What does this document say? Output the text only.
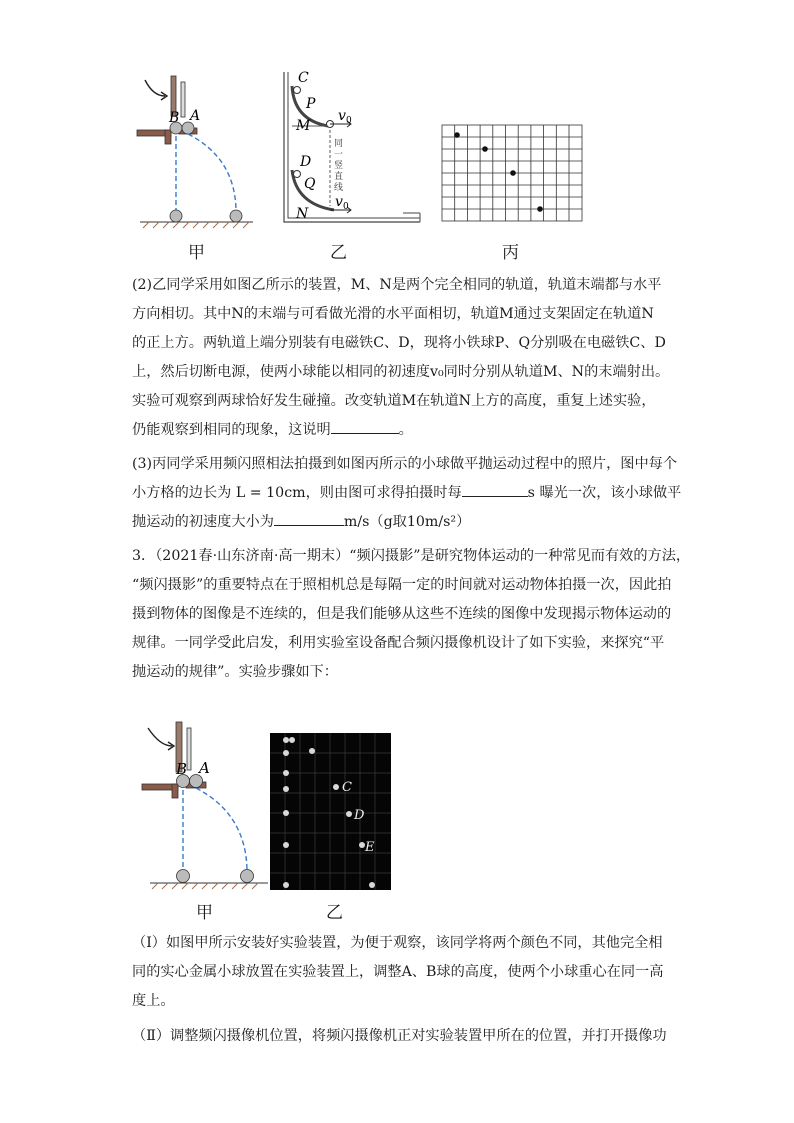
B A
甲
C
P
M
v 0
D
Q
N
v 0
同
一
竖
直
线
乙	丙
(2)乙同学采用如图乙所示的装置，M、N是两个完全相同的轨道，轨道末端都与水平
方向相切。其中N的末端与可看做光滑的水平面相切，轨道M通过支架固定在轨道N
的正上方。两轨道上端分别装有电磁铁C、D，现将小铁球P、Q分别吸在电磁铁C、D
上，然后切断电源，使两小球能以相同的初速度v₀同时分别从轨道M、N的末端射出。
实验可观察到两球恰好发生碰撞。改变轨道M在轨道N上方的高度，重复上述实验，
仍能观察到相同的现象，这说明	。
(3)丙同学采用频闪照相法拍摄到如图丙所示的小球做平抛运动过程中的照片，图中每个
小方格的边长为 L = 10cm，则由图可求得拍摄时每	s 曝光一次，该小球做平
抛运动的初速度大小为	m/s（g取10m/s²）
3．（2021春·山东济南·高一期末）“频闪摄影”是研究物体运动的一种常见而有效的方法，
“频闪摄影”的重要特点在于照相机总是每隔一定的时间就对运动物体拍摄一次，因此拍
摄到物体的图像是不连续的，但是我们能够从这些不连续的图像中发现揭示物体运动的
规律。一同学受此启发，利用实验室设备配合频闪摄像机设计了如下实验，来探究“平
抛运动的规律”。实验步骤如下：
B A
甲
C
D
E
乙
（Ⅰ）如图甲所示安装好实验装置，为便于观察，该同学将两个颜色不同，其他完全相
同的实心金属小球放置在实验装置上，调整A、B球的高度，使两个小球重心在同一高
度上。
（Ⅱ）调整频闪摄像机位置，将频闪摄像机正对实验装置甲所在的位置，并打开摄像功
